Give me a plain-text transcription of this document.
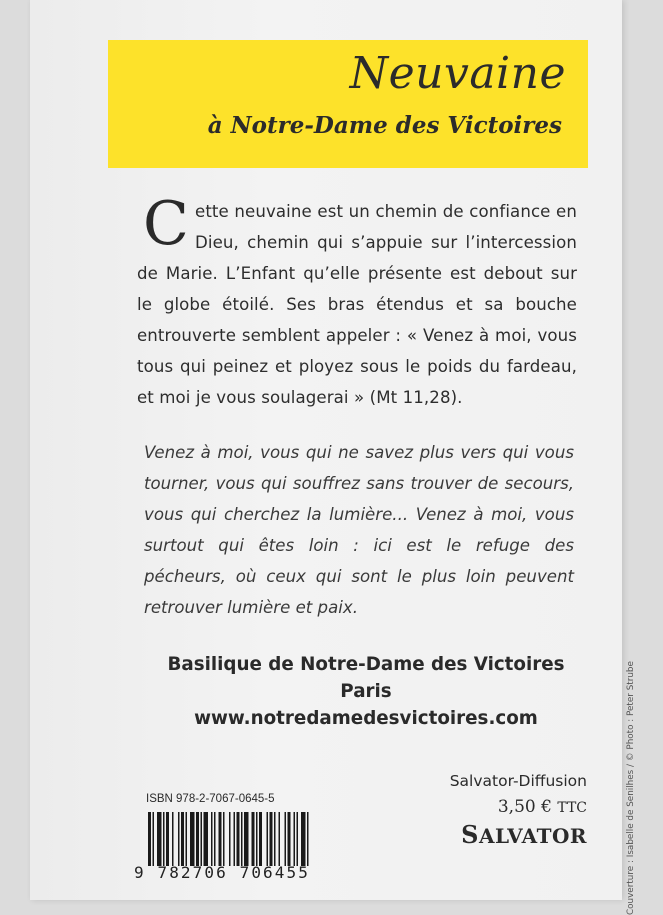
Neuvaine
à Notre-Dame des Victoires

Cette neuvaine est un chemin de confiance en Dieu, chemin qui s’appuie sur l’intercession de Marie. L’Enfant qu’elle présente est debout sur le globe étoilé. Ses bras étendus et sa bouche entrouverte semblent appeler : « Venez à moi, vous tous qui peinez et ployez sous le poids du fardeau, et moi je vous soulagerai » (Mt 11,28).

Venez à moi, vous qui ne savez plus vers qui vous tourner, vous qui souffrez sans trouver de secours, vous qui cherchez la lumière... Venez à moi, vous surtout qui êtes loin : ici est le refuge des pécheurs, où ceux qui sont le plus loin peuvent retrouver lumière et paix.

Basilique de Notre-Dame des Victoires
Paris
www.notredamedesvictoires.com	Couverture : Isabelle de Senilhes / © Photo : Peter Strube
ISBN 978-2-7067-0645-5
9 782706 706455
Salvator-Diffusion
3,50 € TTC
SALVATOR
